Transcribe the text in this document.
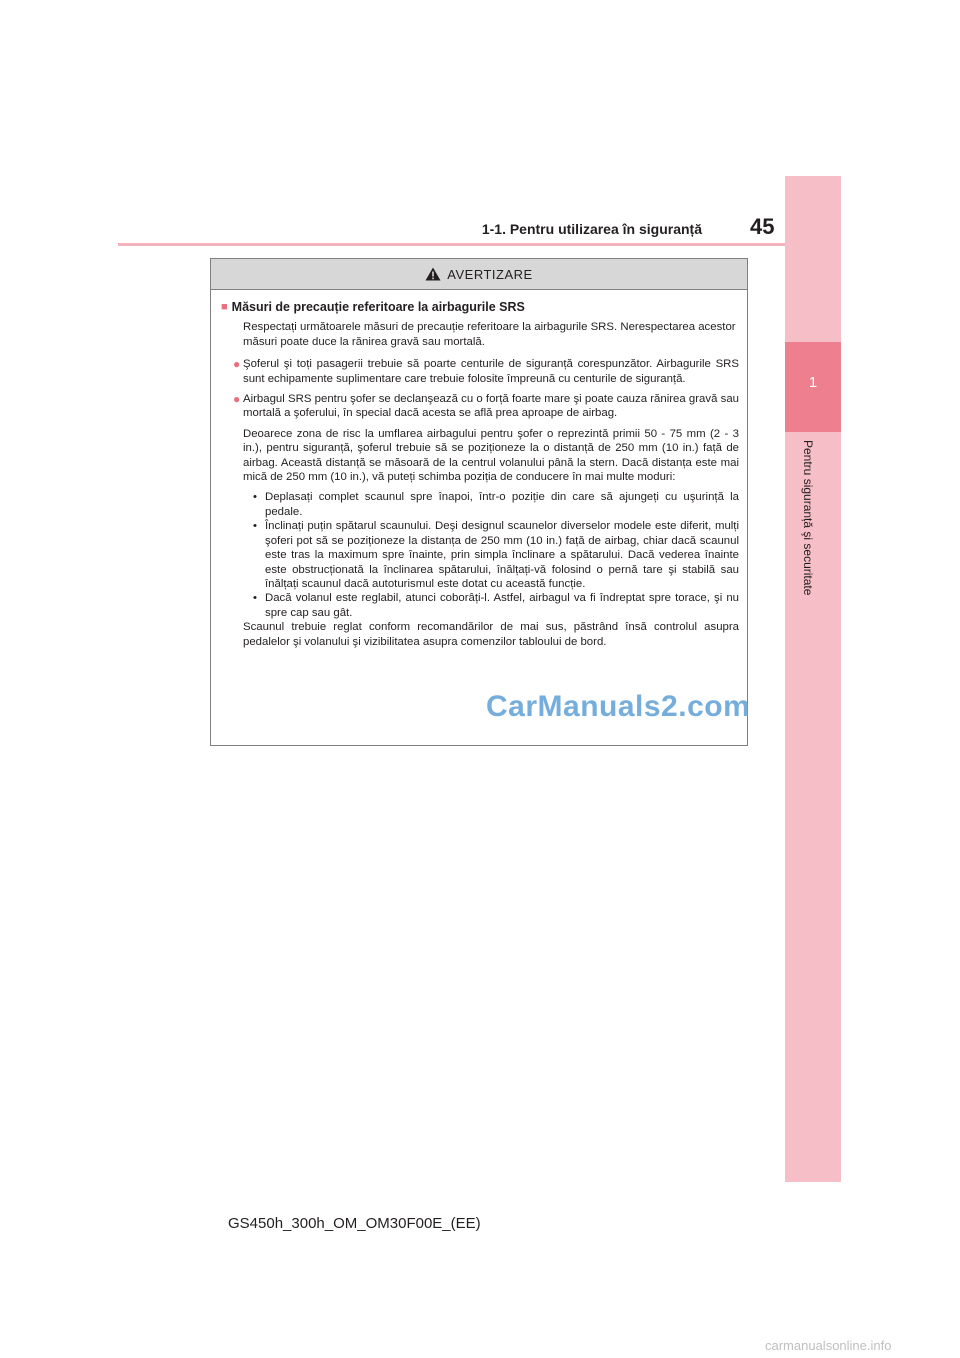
1-1. Pentru utilizarea în siguranță 45
1
Pentru siguranță şi securitate
AVERTIZARE
■ Măsuri de precauție referitoare la airbagurile SRS

Respectați următoarele măsuri de precauție referitoare la airbagurile SRS. Nerespectarea acestor măsuri poate duce la rănirea gravă sau mortală.

● Şoferul şi toți pasagerii trebuie să poarte centurile de siguranță corespunzător. Airbagurile SRS sunt echipamente suplimentare care trebuie folosite împreună cu centurile de siguranță.
● Airbagul SRS pentru şofer se declanşează cu o forță foarte mare şi poate cauza rănirea gravă sau mortală a şoferului, în special dacă acesta se află prea aproape de airbag.

Deoarece zona de risc la umflarea airbagului pentru şofer o reprezintă primii 50 - 75 mm (2 - 3 in.), pentru siguranță, şoferul trebuie să se poziționeze la o distanță de 250 mm (10 in.) față de airbag. Această distanță se măsoară de la centrul volanului până la stern. Dacă distanța este mai mică de 250 mm (10 in.), vă puteți schimba poziția de conducere în mai multe moduri:

• Deplasați complet scaunul spre înapoi, într-o poziție din care să ajungeți cu uşurință la pedale.
• Înclinați puțin spătarul scaunului. Deşi designul scaunelor diverselor modele este diferit, mulți şoferi pot să se poziționeze la distanța de 250 mm (10 in.) față de airbag, chiar dacă scaunul este tras la maximum spre înainte, prin simpla înclinare a spătarului. Dacă vederea înainte este obstrucționată la înclinarea spătarului, înălțați-vă folosind o pernă tare şi stabilă sau înălțați scaunul dacă autoturismul este dotat cu această funcție.
• Dacă volanul este reglabil, atunci coborâți-l. Astfel, airbagul va fi îndreptat spre torace, şi nu spre cap sau gât.

Scaunul trebuie reglat conform recomandărilor de mai sus, păstrând însă controlul asupra pedalelor şi volanului şi vizibilitatea asupra comenzilor tabloului de bord.

CarManuals2.com
GS450h_300h_OM_OM30F00E_(EE)
carmanualsonline.info
